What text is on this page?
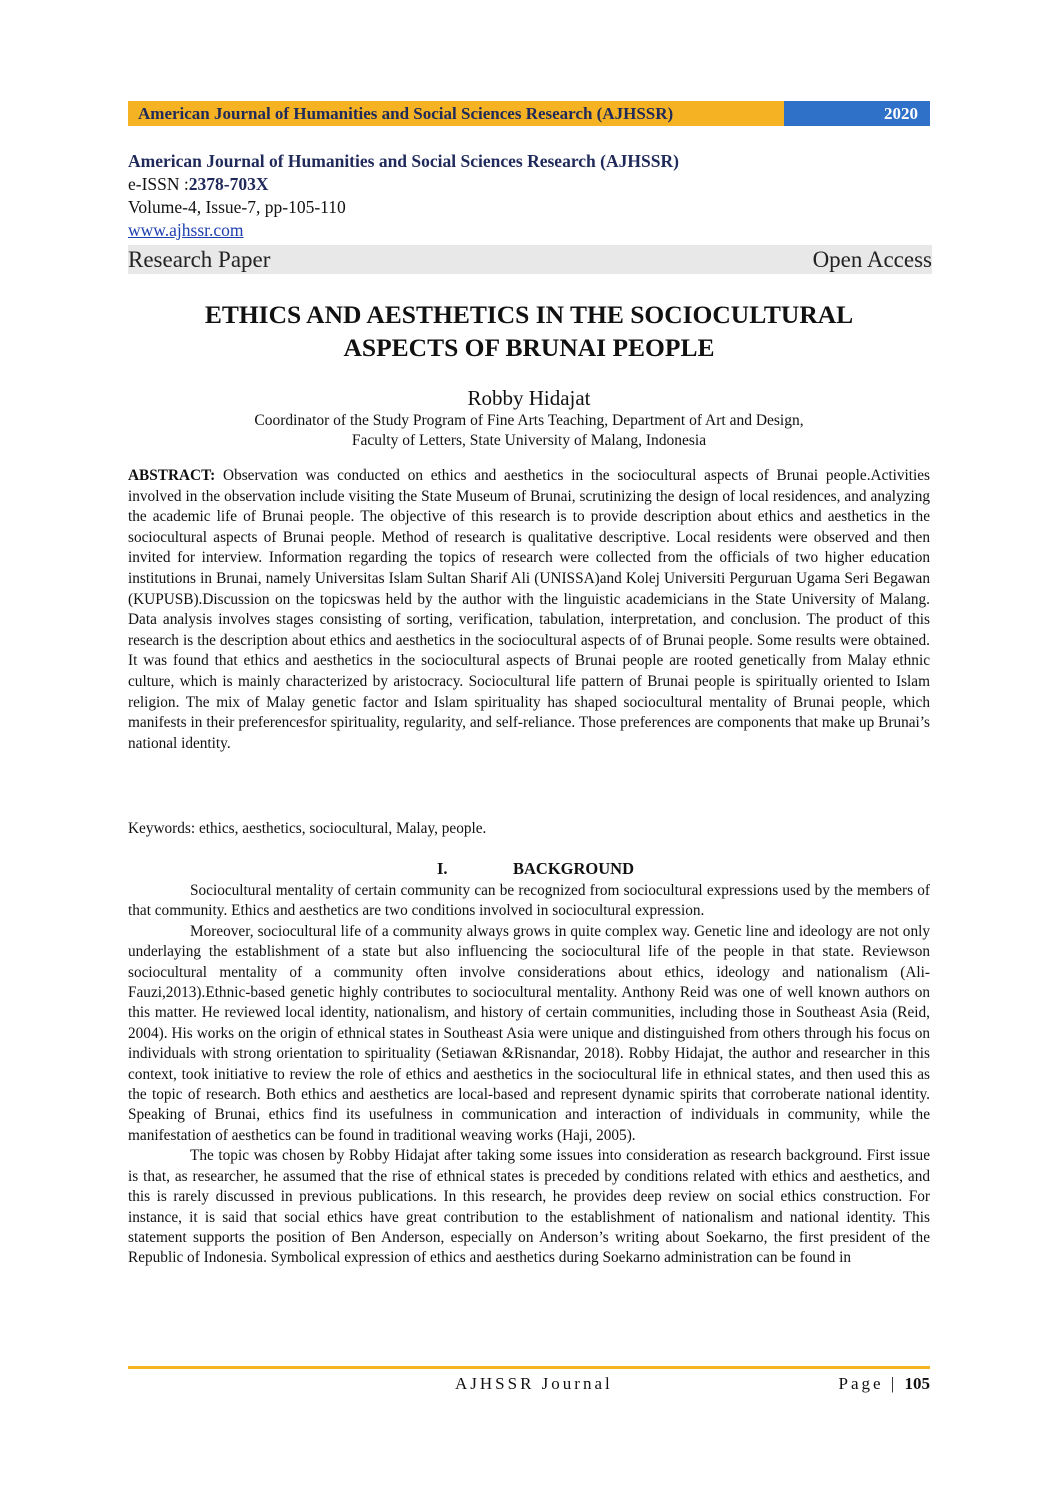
American Journal of Humanities and Social Sciences Research (AJHSSR)	2020
American Journal of Humanities and Social Sciences Research (AJHSSR)
e-ISSN :2378-703X
Volume-4, Issue-7, pp-105-110
www.ajhssr.com
Research Paper	Open Access
ETHICS AND AESTHETICS IN THE SOCIOCULTURAL
ASPECTS OF BRUNAI PEOPLE
Robby Hidajat
Coordinator of the Study Program of Fine Arts Teaching, Department of Art and Design,
Faculty of Letters, State University of Malang, Indonesia

ABSTRACT: Observation was conducted on ethics and aesthetics in the sociocultural aspects of Brunai people.Activities involved in the observation include visiting the State Museum of Brunai, scrutinizing the design of local residences, and analyzing the academic life of Brunai people. The objective of this research is to provide description about ethics and aesthetics in the sociocultural aspects of Brunai people. Method of research is qualitative descriptive. Local residents were observed and then invited for interview. Information regarding the topics of research were collected from the officials of two higher education institutions in Brunai, namely Universitas Islam Sultan Sharif Ali (UNISSA)and Kolej Universiti Perguruan Ugama Seri Begawan (KUPUSB).Discussion on the topicswas held by the author with the linguistic academicians in the State University of Malang. Data analysis involves stages consisting of sorting, verification, tabulation, interpretation, and conclusion. The product of this research is the description about ethics and aesthetics in the sociocultural aspects of of Brunai people. Some results were obtained. It was found that ethics and aesthetics in the sociocultural aspects of Brunai people are rooted genetically from Malay ethnic culture, which is mainly characterized by aristocracy. Sociocultural life pattern of Brunai people is spiritually oriented to Islam religion. The mix of Malay genetic factor and Islam spirituality has shaped sociocultural mentality of Brunai people, which manifests in their preferencesfor spirituality, regularity, and self-reliance. Those preferences are components that make up Brunai’s national identity.

Keywords: ethics, aesthetics, sociocultural, Malay, people.
I.	BACKGROUND

Sociocultural mentality of certain community can be recognized from sociocultural expressions used by the members of that community. Ethics and aesthetics are two conditions involved in sociocultural expression.

Moreover, sociocultural life of a community always grows in quite complex way. Genetic line and ideology are not only underlaying the establishment of a state but also influencing the sociocultural life of the people in that state. Reviewson sociocultural mentality of a community often involve considerations about ethics, ideology and nationalism (Ali-Fauzi,2013).Ethnic-based genetic highly contributes to sociocultural mentality. Anthony Reid was one of well known authors on this matter. He reviewed local identity, nationalism, and history of certain communities, including those in Southeast Asia (Reid, 2004). His works on the origin of ethnical states in Southeast Asia were unique and distinguished from others through his focus on individuals with strong orientation to spirituality (Setiawan &Risnandar, 2018). Robby Hidajat, the author and researcher in this context, took initiative to review the role of ethics and aesthetics in the sociocultural life in ethnical states, and then used this as the topic of research. Both ethics and aesthetics are local-based and represent dynamic spirits that corroberate national identity. Speaking of Brunai, ethics find its usefulness in communication and interaction of individuals in community, while the manifestation of aesthetics can be found in traditional weaving works (Haji, 2005).

The topic was chosen by Robby Hidajat after taking some issues into consideration as research background. First issue is that, as researcher, he assumed that the rise of ethnical states is preceded by conditions related with ethics and aesthetics, and this is rarely discussed in previous publications. In this research, he provides deep review on social ethics construction. For instance, it is said that social ethics have great contribution to the establishment of nationalism and national identity. This statement supports the position of Ben Anderson, especially on Anderson’s writing about Soekarno, the first president of the Republic of Indonesia. Symbolical expression of ethics and aesthetics during Soekarno administration can be found in

AJHSSR Journal	Page | 105
